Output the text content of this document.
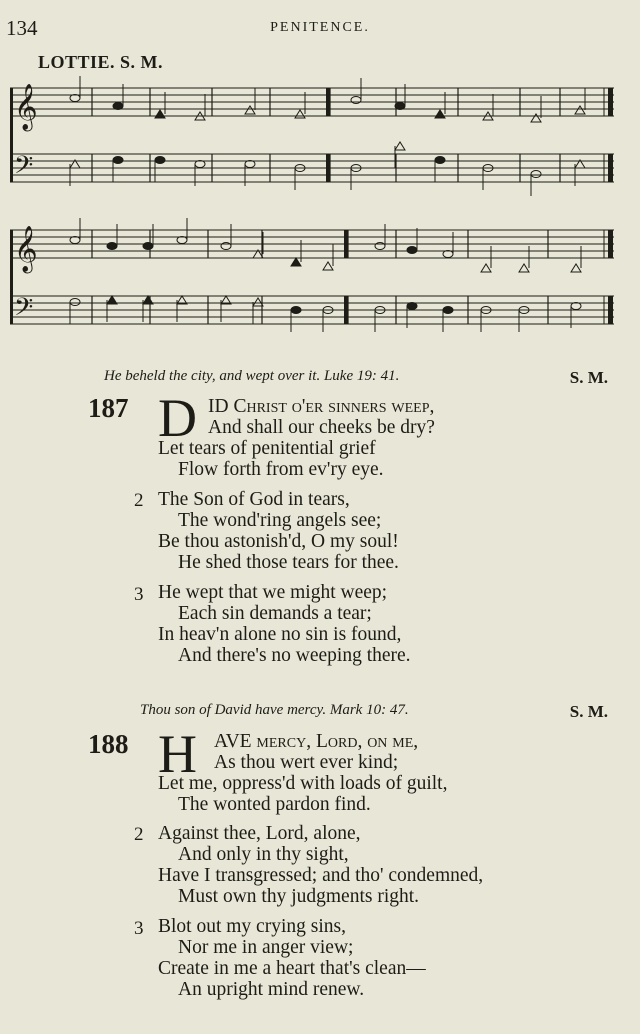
134	PENITENCE.
LOTTIE. S. M.
𝄞
𝄢
𝄞
𝄢
He beheld the city, and wept over it. Luke 19: 41.	S. M.
187 D ID Christ o'er sinners weep,
And shall our cheeks be dry?
Let tears of penitential grief
Flow forth from ev'ry eye.
2 The Son of God in tears,
The wond'ring angels see;
Be thou astonish'd, O my soul!
He shed those tears for thee.
3 He wept that we might weep;
Each sin demands a tear;
In heav'n alone no sin is found,
And there's no weeping there.
Thou son of David have mercy. Mark 10: 47.	S. M.
188 H AVE mercy, Lord, on me,
As thou wert ever kind;
Let me, oppress'd with loads of guilt,
The wonted pardon find.
2 Against thee, Lord, alone,
And only in thy sight,
Have I transgressed; and tho' condemned,
Must own thy judgments right.
3 Blot out my crying sins,
Nor me in anger view;
Create in me a heart that's clean—
An upright mind renew.
